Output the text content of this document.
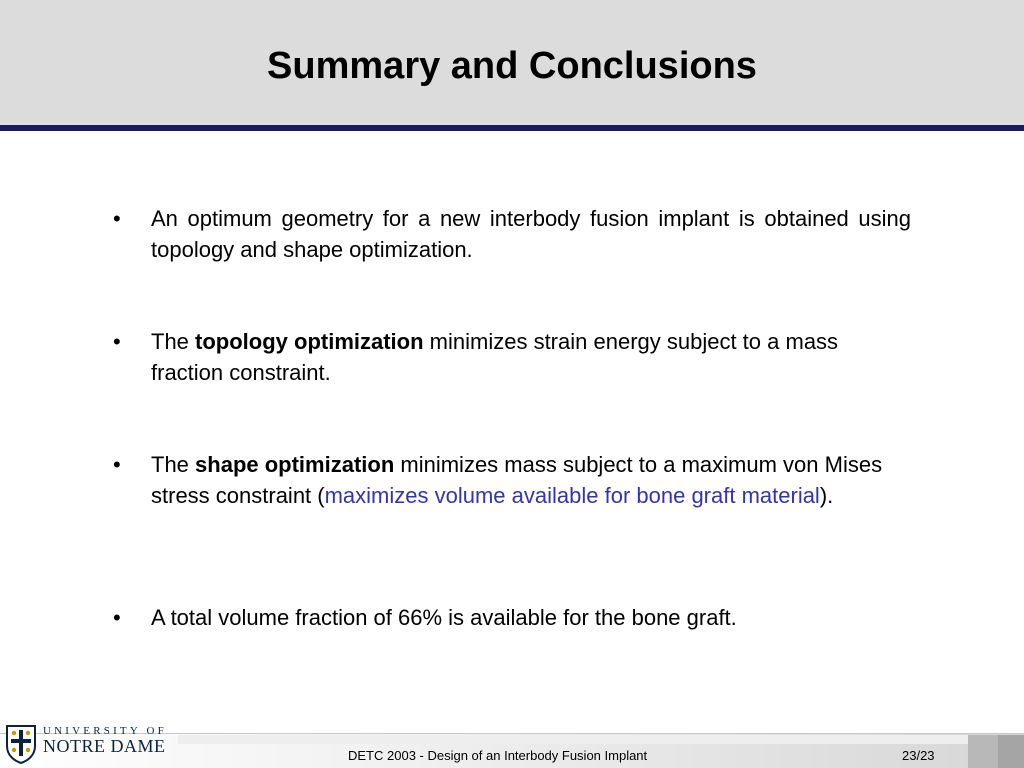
Summary and Conclusions
•	An optimum geometry for a new interbody fusion implant is obtained using topology and shape optimization.
•	The topology optimization minimizes strain energy subject to a mass fraction constraint.
•	The shape optimization minimizes mass subject to a maximum von Mises stress constraint (maximizes volume available for bone graft material).
•	A total volume fraction of 66% is available for the bone graft.
UNIVERSITY OF
NOTRE DAME	DETC 2003 - Design of an Interbody Fusion Implant	23/23
